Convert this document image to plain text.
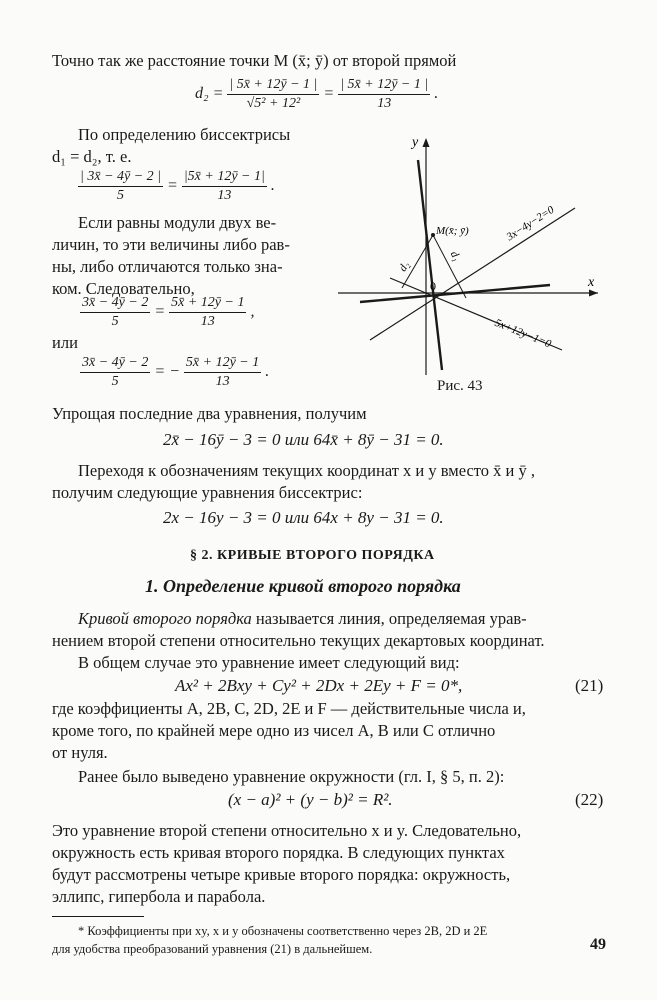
Точно так же расстояние точки M (x̄; ȳ) от второй прямой
$d_2 = \frac{| 5x̄ + 12ȳ - 1 |}{\text{√5² + 12²}} = \frac{| 5x̄ + 12ȳ - 1 |}{13}$ .
По определению биссектрисы
d₁ = d₂, т. е.
$\frac{| 3x̄ - 4ȳ - 2 |}{5} = \frac{|5x̄ + 12ȳ - 1|}{13}$ .
Если равны модули двух ве-
личин, то эти величины либо рав-
ны, либо отличаются только зна-
ком. Следовательно,
$\frac{3x̄ - 4ȳ - 2}{5} = \frac{5x̄ + 12ȳ - 1}{13}$ ,
или
$\frac{3x̄ - 4ȳ - 2}{5}$ = − $\frac{5x̄ + 12ȳ - 1}{13}$ .
y
x
0
M(x̄; ȳ)
d₂
d₁
3x−4y−2=0
5x+12y−1=0
Рис. 43
Упрощая последние два уравнения, получим
2x̄ − 16ȳ − 3 = 0 или 64x̄ + 8ȳ − 31 = 0.
Переходя к обозначениям текущих координат x и y вместо x̄ и ȳ ,
получим следующие уравнения биссектрис:
2x − 16y − 3 = 0 или 64x + 8y − 31 = 0.
§ 2. КРИВЫЕ ВТОРОГО ПОРЯДКА
1. Определение кривой второго порядка
Кривой второго порядка называется линия, определяемая урав-
нением второй степени относительно текущих декартовых координат.
В общем случае это уравнение имеет следующий вид:
Ax² + 2Bxy + Cy² + 2Dx + 2Ey + F = 0*,	(21)
где коэффициенты A, 2B, C, 2D, 2E и F — действительные числа и,
кроме того, по крайней мере одно из чисел A, B или C отлично
от нуля.
Ранее было выведено уравнение окружности (гл. I, § 5, п. 2):
(x − a)² + (y − b)² = R².	(22)
Это уравнение второй степени относительно x и y. Следовательно,
окружность есть кривая второго порядка. В следующих пунктах
будут рассмотрены четыре кривые второго порядка: окружность,
эллипс, гипербола и парабола.
* Коэффициенты при xy, x и y обозначены соответственно через 2B, 2D и 2E
для удобства преобразований уравнения (21) в дальнейшем.	49
